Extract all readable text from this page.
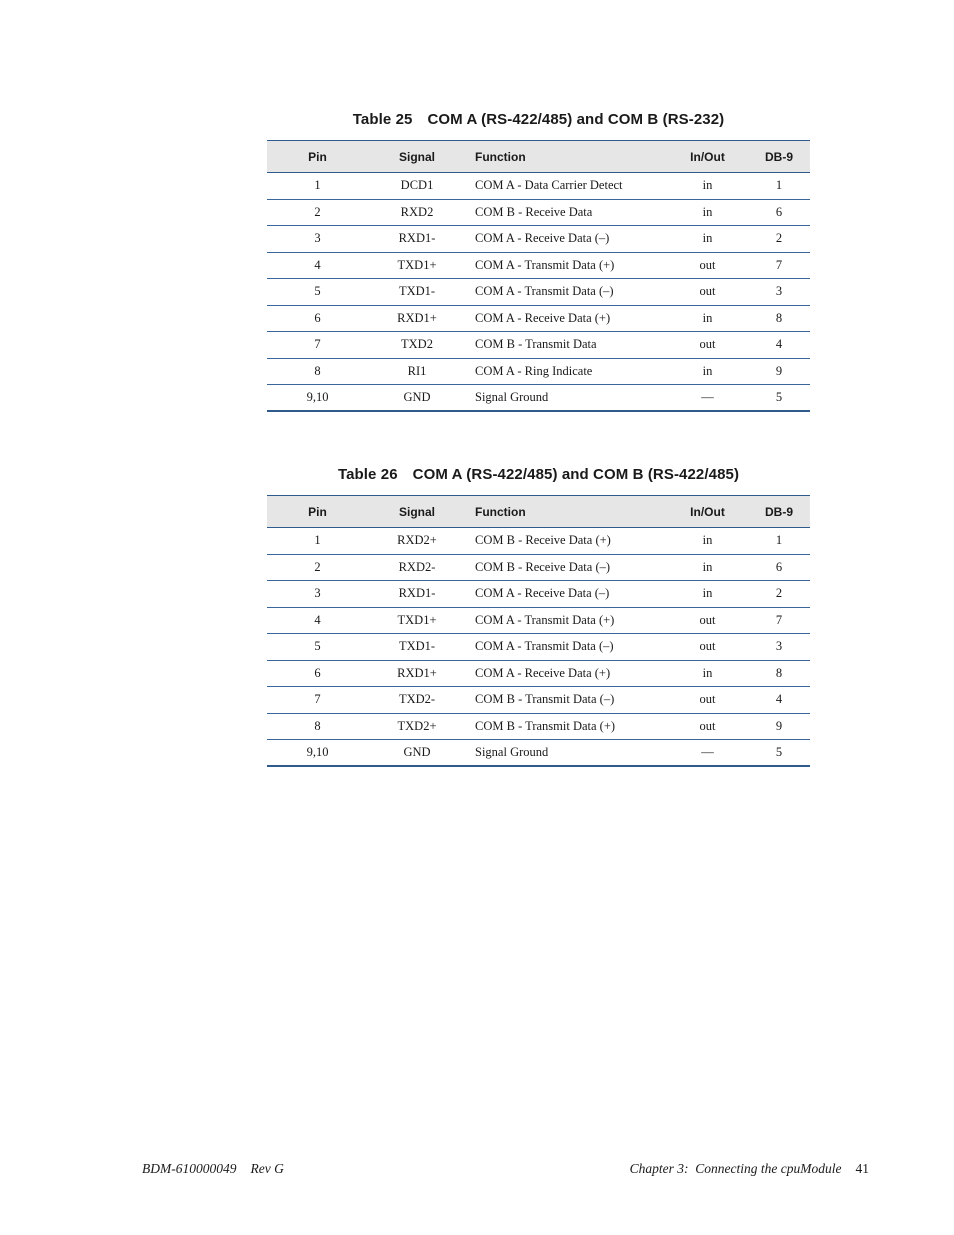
Table 25 COM A (RS-422/485) and COM B (RS-232)
Pin	Signal	Function	In/Out	DB-9
1	DCD1	COM A - Data Carrier Detect	in	1
2	RXD2	COM B - Receive Data	in	6
3	RXD1-	COM A - Receive Data (–)	in	2
4	TXD1+	COM A - Transmit Data (+)	out	7
5	TXD1-	COM A - Transmit Data (–)	out	3
6	RXD1+	COM A - Receive Data (+)	in	8
7	TXD2	COM B - Transmit Data	out	4
8	RI1	COM A - Ring Indicate	in	9
9,10	GND	Signal Ground	—	5
Table 26 COM A (RS-422/485) and COM B (RS-422/485)
Pin	Signal	Function	In/Out	DB-9
1	RXD2+	COM B - Receive Data (+)	in	1
2	RXD2-	COM B - Receive Data (–)	in	6
3	RXD1-	COM A - Receive Data (–)	in	2
4	TXD1+	COM A - Transmit Data (+)	out	7
5	TXD1-	COM A - Transmit Data (–)	out	3
6	RXD1+	COM A - Receive Data (+)	in	8
7	TXD2-	COM B - Transmit Data (–)	out	4
8	TXD2+	COM B - Transmit Data (+)	out	9
9,10	GND	Signal Ground	—	5
BDM-610000049 Rev G	Chapter 3:  Connecting the cpuModule 41
